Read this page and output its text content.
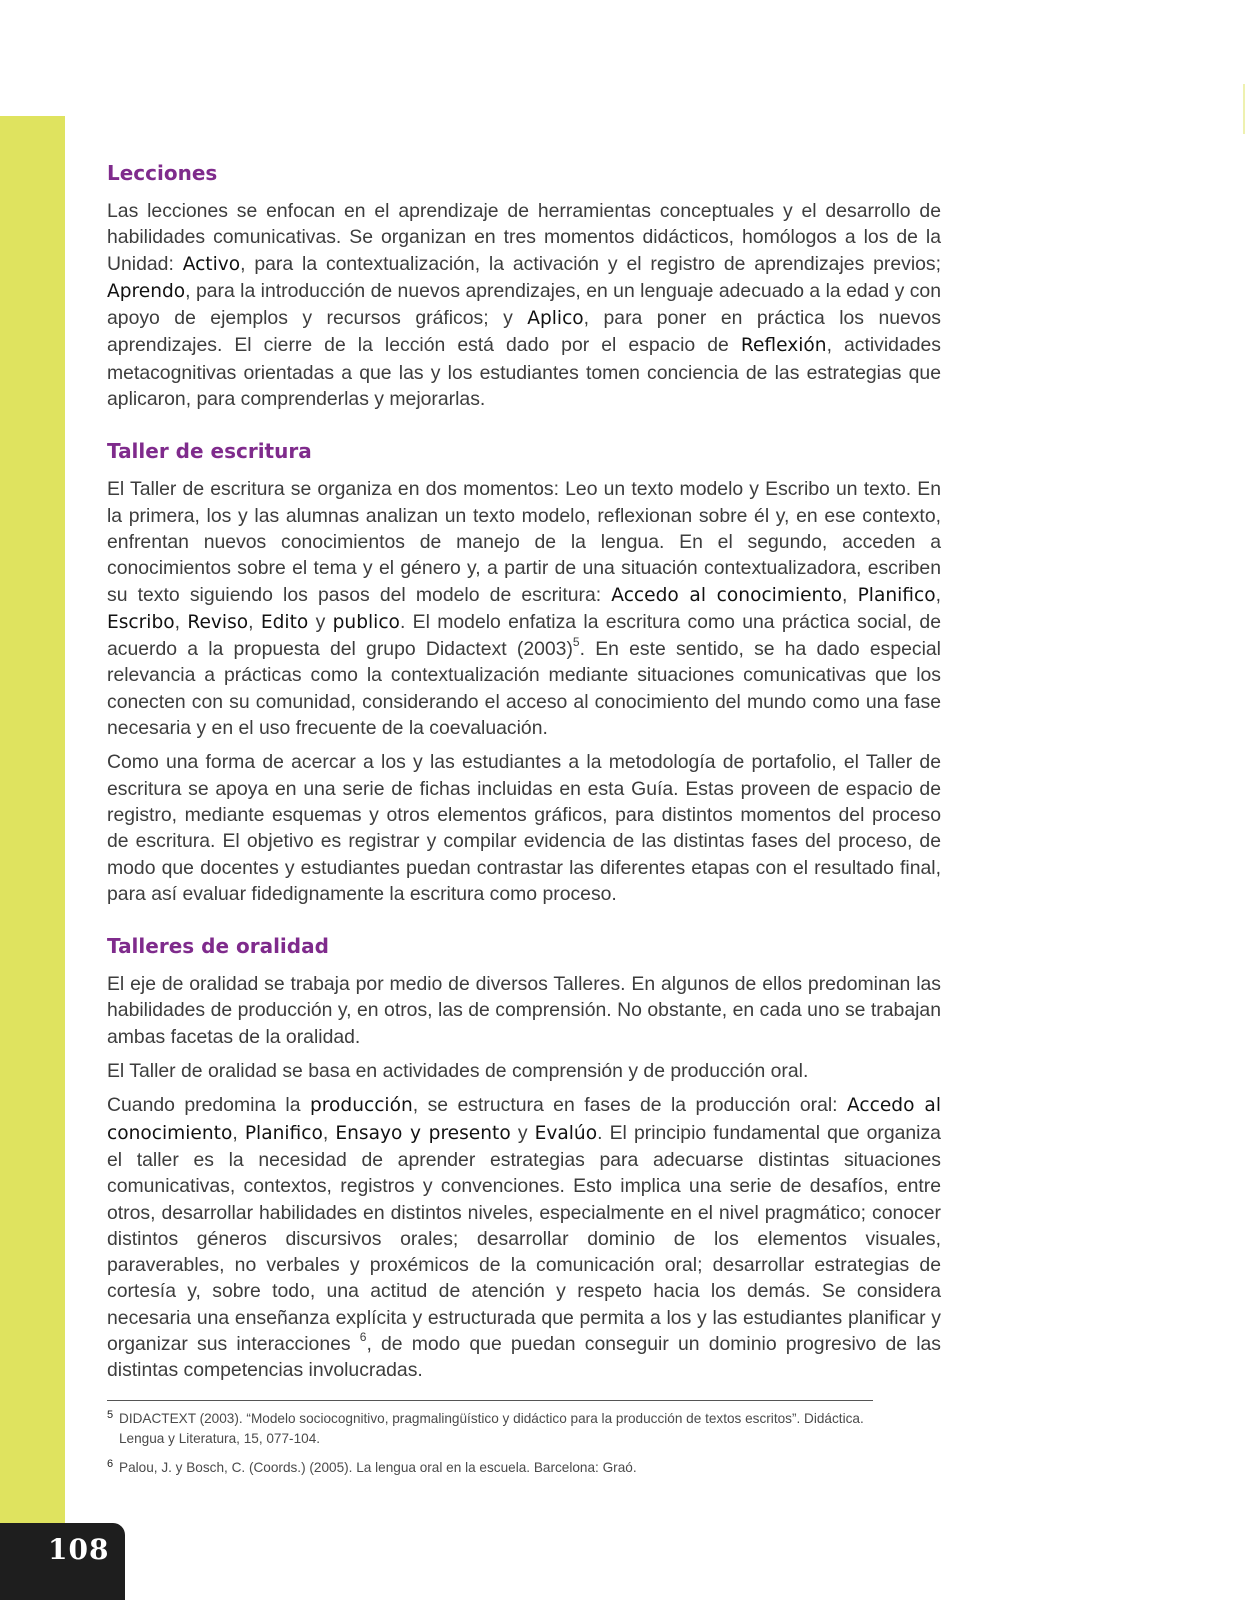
Lecciones

Las lecciones se enfocan en el aprendizaje de herramientas conceptuales y el desarrollo de habilidades comunicativas. Se organizan en tres momentos didácticos, homólogos a los de la Unidad: Activo, para la contextualización, la activación y el registro de aprendizajes previos; Aprendo, para la introducción de nuevos aprendizajes, en un lenguaje adecuado a la edad y con apoyo de ejemplos y recursos gráficos; y Aplico, para poner en práctica los nuevos aprendizajes. El cierre de la lección está dado por el espacio de Reflexión, actividades metacognitivas orientadas a que las y los estudiantes tomen conciencia de las estrategias que aplicaron, para comprenderlas y mejorarlas.

Taller de escritura

El Taller de escritura se organiza en dos momentos: Leo un texto modelo y Escribo un texto. En la primera, los y las alumnas analizan un texto modelo, reflexionan sobre él y, en ese contexto, enfrentan nuevos conocimientos de manejo de la lengua. En el segundo, acceden a conocimientos sobre el tema y el género y, a partir de una situación contextualizadora, escriben su texto siguiendo los pasos del modelo de escritura: Accedo al conocimiento, Planifico, Escribo, Reviso, Edito y publico. El modelo enfatiza la escritura como una práctica social, de acuerdo a la propuesta del grupo Didactext (2003)$^5$. En este sentido, se ha dado especial relevancia a prácticas como la contextualización mediante situaciones comunicativas que los conecten con su comunidad, considerando el acceso al conocimiento del mundo como una fase necesaria y en el uso frecuente de la coevaluación.

Como una forma de acercar a los y las estudiantes a la metodología de portafolio, el Taller de escritura se apoya en una serie de fichas incluidas en esta Guía. Estas proveen de espacio de registro, mediante esquemas y otros elementos gráficos, para distintos momentos del proceso de escritura. El objetivo es registrar y compilar evidencia de las distintas fases del proceso, de modo que docentes y estudiantes puedan contrastar las diferentes etapas con el resultado final, para así evaluar fidedignamente la escritura como proceso.

Talleres de oralidad

El eje de oralidad se trabaja por medio de diversos Talleres. En algunos de ellos predominan las habilidades de producción y, en otros, las de comprensión. No obstante, en cada uno se trabajan ambas facetas de la oralidad.

El Taller de oralidad se basa en actividades de comprensión y de producción oral.

Cuando predomina la producción, se estructura en fases de la producción oral: Accedo al conocimiento, Planifico, Ensayo y presento y Evalúo. El principio fundamental que organiza el taller es la necesidad de aprender estrategias para adecuarse distintas situaciones comunicativas, contextos, registros y convenciones. Esto implica una serie de desafíos, entre otros, desarrollar habilidades en distintos niveles, especialmente en el nivel pragmático; conocer distintos géneros discursivos orales; desarrollar dominio de los elementos visuales, paraverables, no verbales y proxémicos de la comunicación oral; desarrollar estrategias de cortesía y, sobre todo, una actitud de atención y respeto hacia los demás. Se considera necesaria una enseñanza explícita y estructurada que permita a los y las estudiantes planificar y organizar sus interacciones $^6$, de modo que puedan conseguir un dominio progresivo de las distintas competencias involucradas.

5 DIDACTEXT (2003). “Modelo sociocognitivo, pragmalingüístico y didáctico para la producción de textos escritos”. Didáctica. Lengua y Literatura, 15, 077-104.
6 Palou, J. y Bosch, C. (Coords.) (2005). La lengua oral en la escuela. Barcelona: Graó.
108
